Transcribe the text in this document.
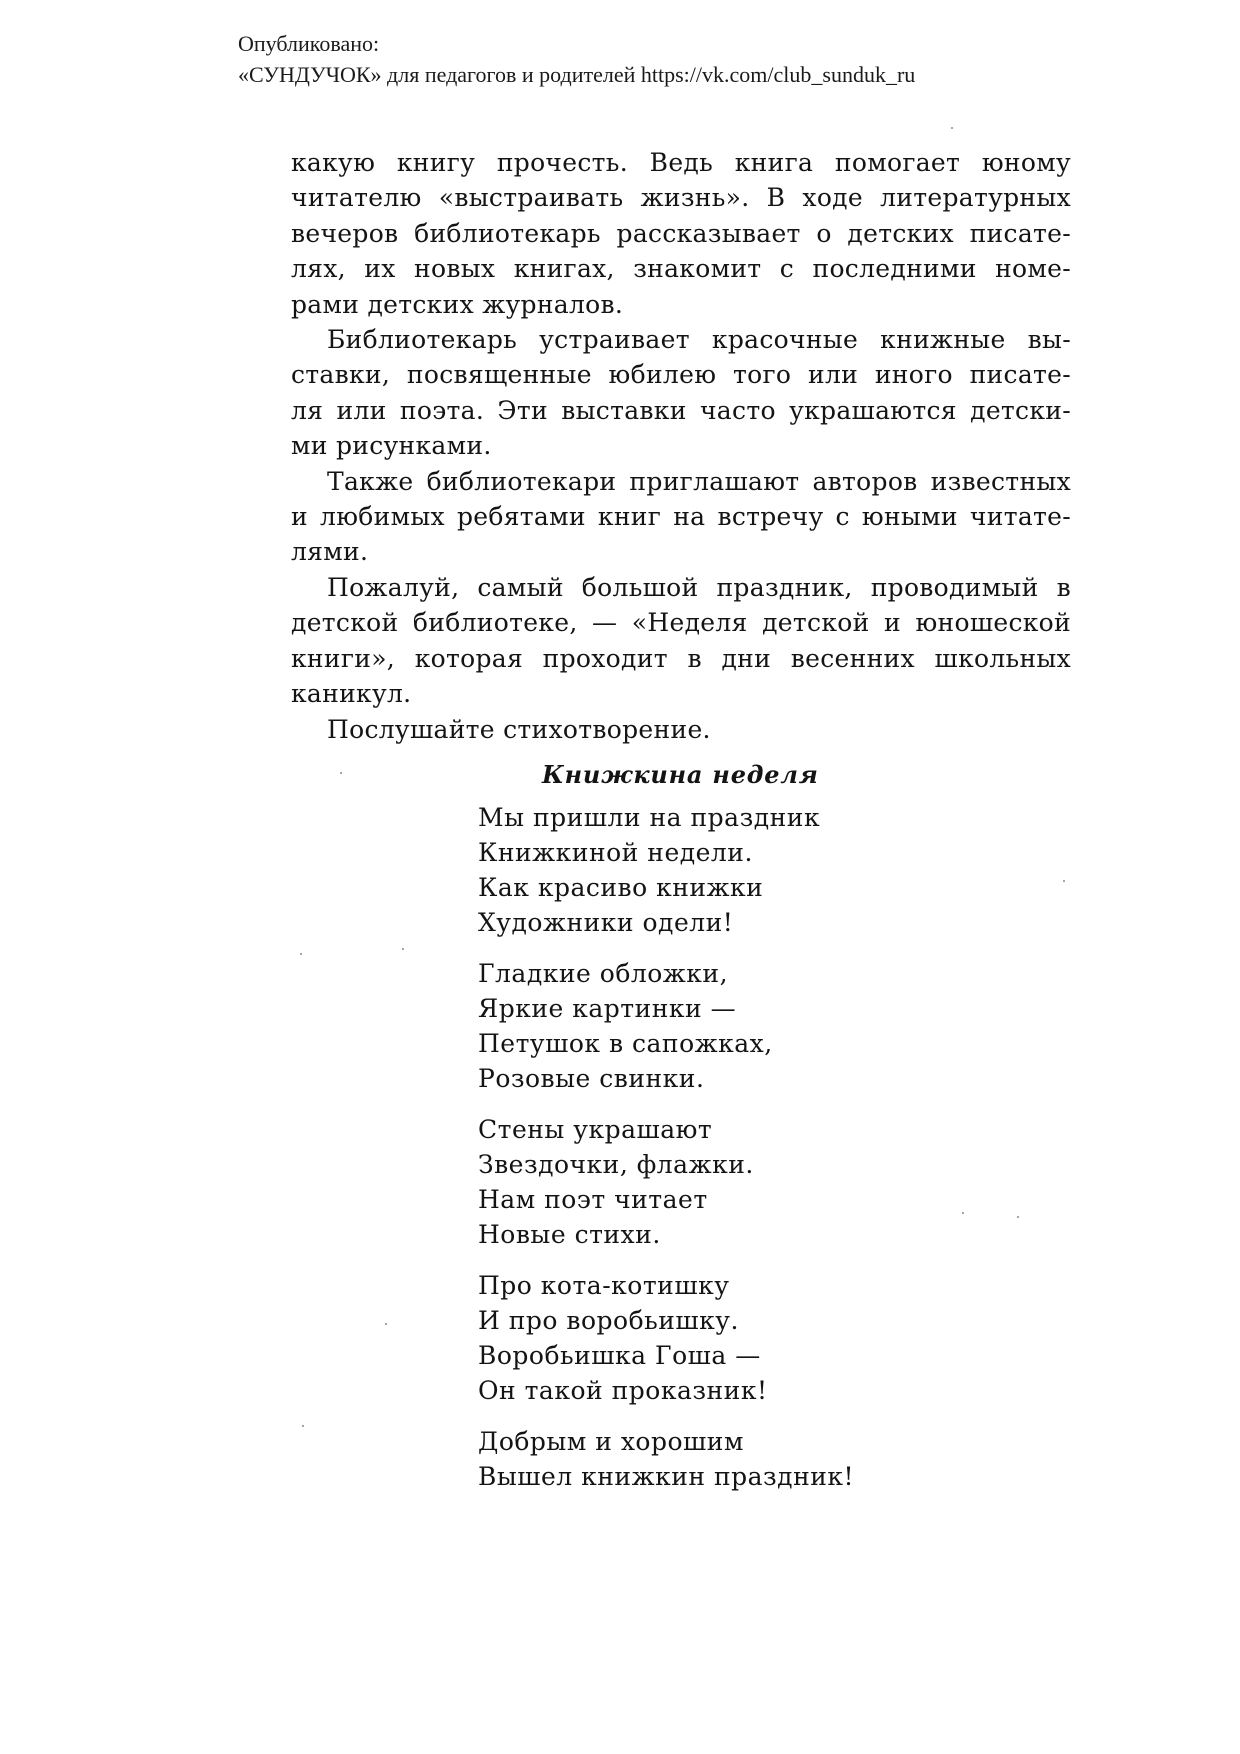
Опубликовано:
«СУНДУЧОК» для педагогов и родителей https://vk.com/club_sunduk_ru

какую книгу прочесть. Ведь книга помогает юному
читателю «выстраивать жизнь». В ходе литературных
вечеров библиотекарь рассказывает о детских писате-
лях, их новых книгах, знакомит с последними номе-
рами детских журналов.

Библиотекарь устраивает красочные книжные вы-
ставки, посвященные юбилею того или иного писате-
ля или поэта. Эти выставки часто украшаются детски-
ми рисунками.

Также библиотекари приглашают авторов известных
и любимых ребятами книг на встречу с юными читате-
лями.

Пожалуй, самый большой праздник, проводимый в
детской библиотеке, — «Неделя детской и юношеской
книги», которая проходит в дни весенних школьных
каникул.

Послушайте стихотворение.

Книжкина неделя
Мы пришли на праздник
Книжкиной недели.
Как красиво книжки
Художники одели!
Гладкие обложки,
Яркие картинки —
Петушок в сапожках,
Розовые свинки.
Стены украшают
Звездочки, флажки.
Нам поэт читает
Новые стихи.
Про кота-котишку
И про воробьишку.
Воробьишка Гоша —
Он такой проказник!
Добрым и хорошим
Вышел книжкин праздник!
